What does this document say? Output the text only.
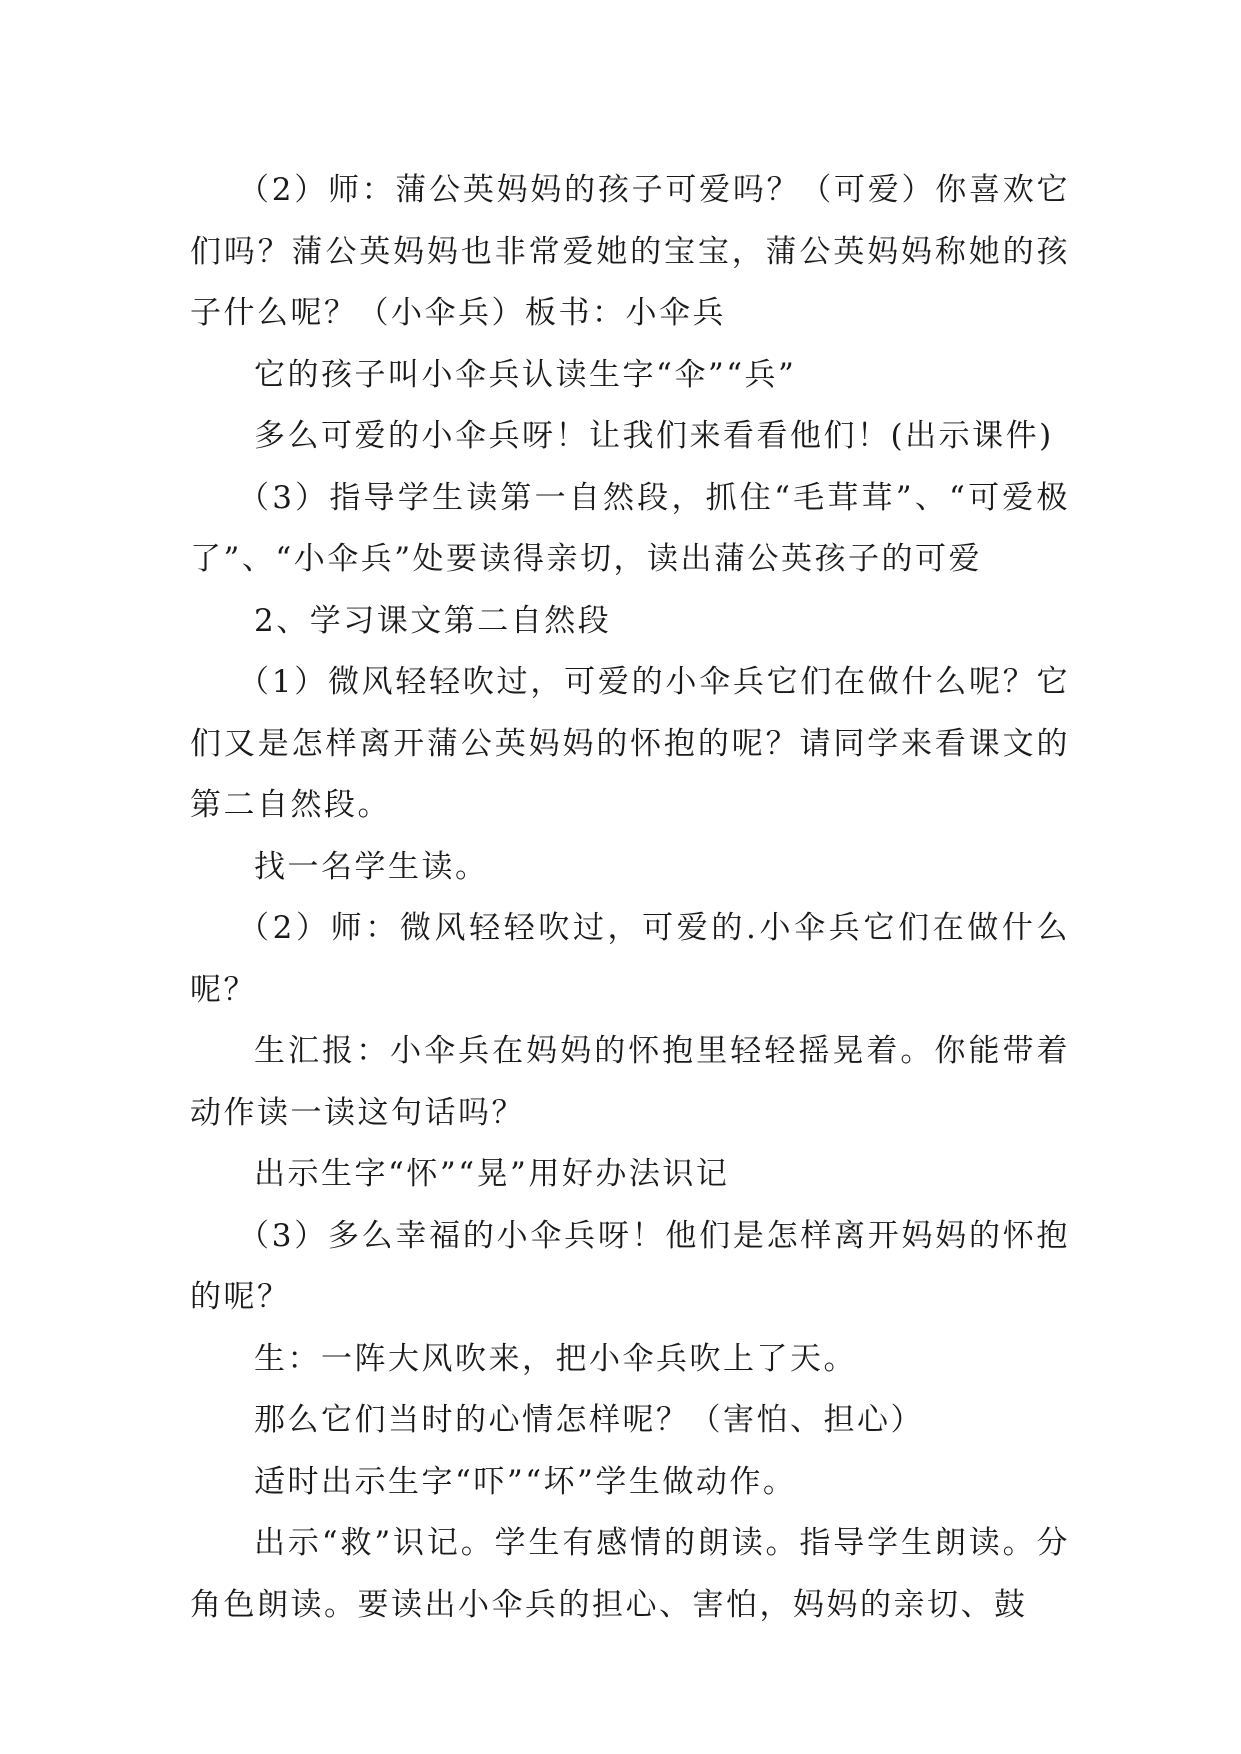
（2）师：蒲公英妈妈的孩子可爱吗？（可爱）你喜欢它们吗？蒲公英妈妈也非常爱她的宝宝，蒲公英妈妈称她的孩子什么呢？（小伞兵）板书：小伞兵

它的孩子叫小伞兵认读生字“伞”“兵”

多么可爱的小伞兵呀！让我们来看看他们！(出示课件)

（3）指导学生读第一自然段，抓住“毛茸茸”、“可爱极了”、“小伞兵”处要读得亲切，读出蒲公英孩子的可爱

2、学习课文第二自然段

（1）微风轻轻吹过，可爱的小伞兵它们在做什么呢？它们又是怎样离开蒲公英妈妈的怀抱的呢？请同学来看课文的第二自然段。

找一名学生读。

（2）师：微风轻轻吹过，可爱的.小伞兵它们在做什么呢？

生汇报：小伞兵在妈妈的怀抱里轻轻摇晃着。你能带着动作读一读这句话吗？

出示生字“怀”“晃”用好办法识记

（3）多么幸福的小伞兵呀！他们是怎样离开妈妈的怀抱的呢？

生：一阵大风吹来，把小伞兵吹上了天。

那么它们当时的心情怎样呢？（害怕、担心）

适时出示生字“吓”“坏”学生做动作。

出示“救”识记。学生有感情的朗读。指导学生朗读。分角色朗读。要读出小伞兵的担心、害怕，妈妈的亲切、鼓
